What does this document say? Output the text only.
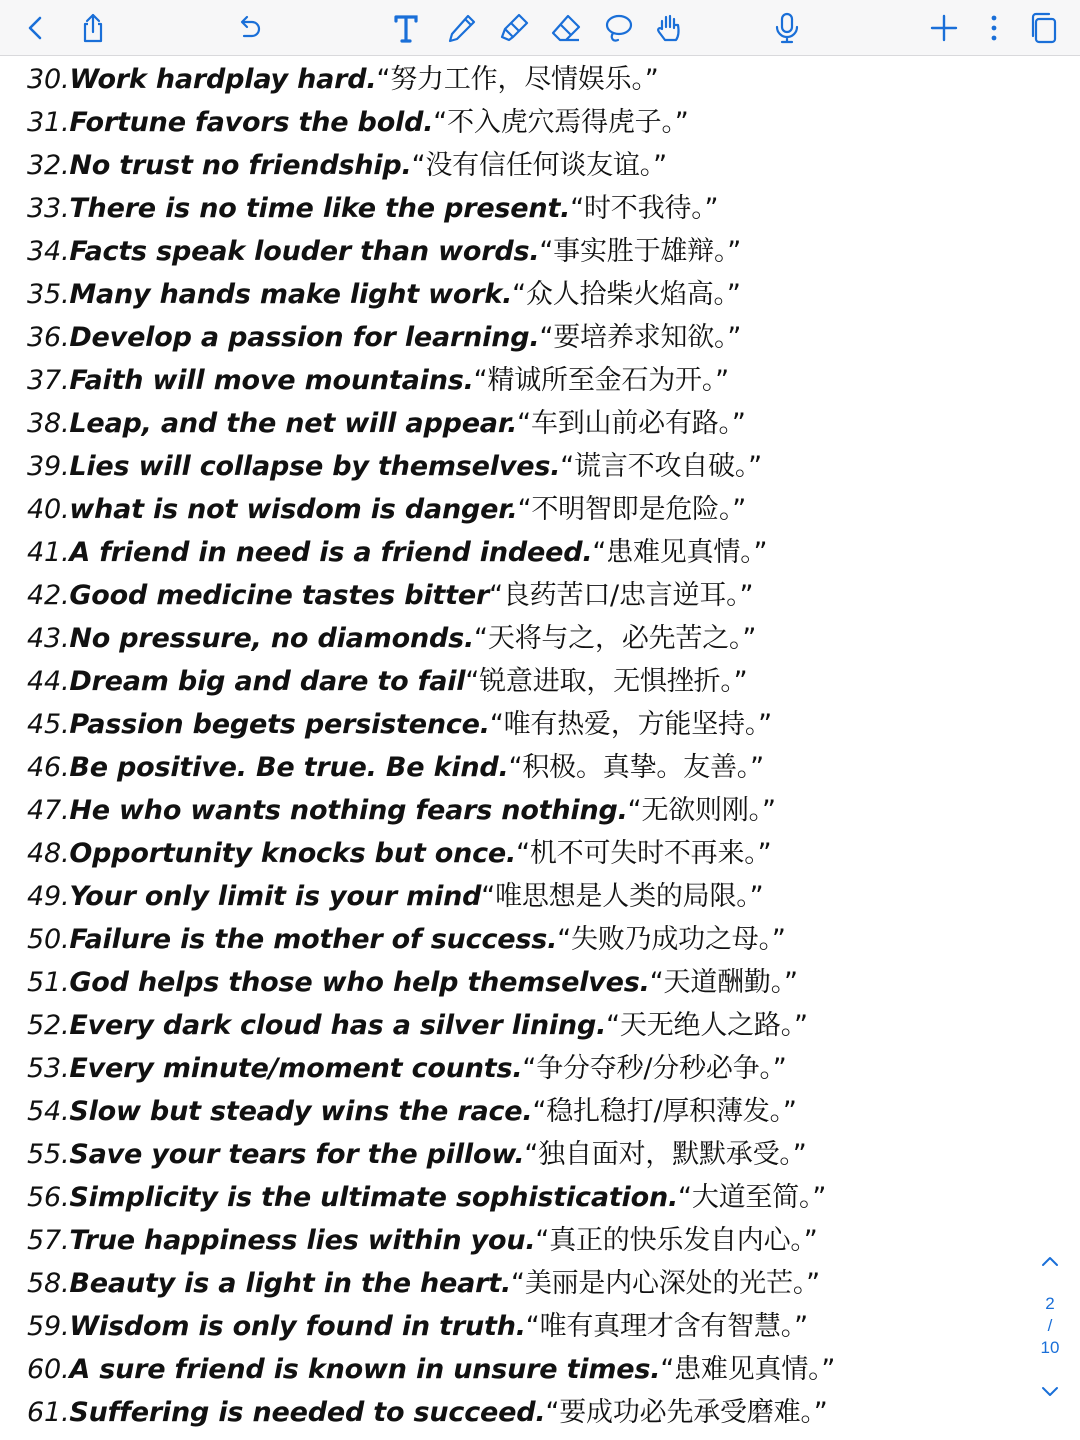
30.Work hardplay hard.“努力工作，尽情娱乐。”
31.Fortune favors the bold.“不入虎穴焉得虎子。”
32.No trust no friendship.“没有信任何谈友谊。”
33.There is no time like the present.“时不我待。”
34.Facts speak louder than words.“事实胜于雄辩。”
35.Many hands make light work.“众人拾柴火焰高。”
36.Develop a passion for learning.“要培养求知欲。”
37.Faith will move mountains.“精诚所至金石为开。”
38.Leap, and the net will appear.“车到山前必有路。”
39.Lies will collapse by themselves.“谎言不攻自破。”
40.what is not wisdom is danger.“不明智即是危险。”
41.A friend in need is a friend indeed.“患难见真情。”
42.Good medicine tastes bitter“良药苦口/忠言逆耳。”
43.No pressure, no diamonds.“天将与之，必先苦之。”
44.Dream big and dare to fail“锐意进取，无惧挫折。”
45.Passion begets persistence.“唯有热爱，方能坚持。”
46.Be positive. Be true. Be kind.“积极。真挚。友善。”
47.He who wants nothing fears nothing.“无欲则刚。”
48.Opportunity knocks but once.“机不可失时不再来。”
49.Your only limit is your mind“唯思想是人类的局限。”
50.Failure is the mother of success.“失败乃成功之母。”
51.God helps those who help themselves.“天道酬勤。”
52.Every dark cloud has a silver lining.“天无绝人之路。”
53.Every minute/moment counts.“争分夺秒/分秒必争。”
54.Slow but steady wins the race.“稳扎稳打/厚积薄发。”
55.Save your tears for the pillow.“独自面对，默默承受。”
56.Simplicity is the ultimate sophistication.“大道至简。”
57.True happiness lies within you.“真正的快乐发自内心。”
58.Beauty is a light in the heart.“美丽是内心深处的光芒。”
59.Wisdom is only found in truth.“唯有真理才含有智慧。”
60.A sure friend is known in unsure times.“患难见真情。”
61.Suffering is needed to succeed.“要成功必先承受磨难。”
2
/
10
